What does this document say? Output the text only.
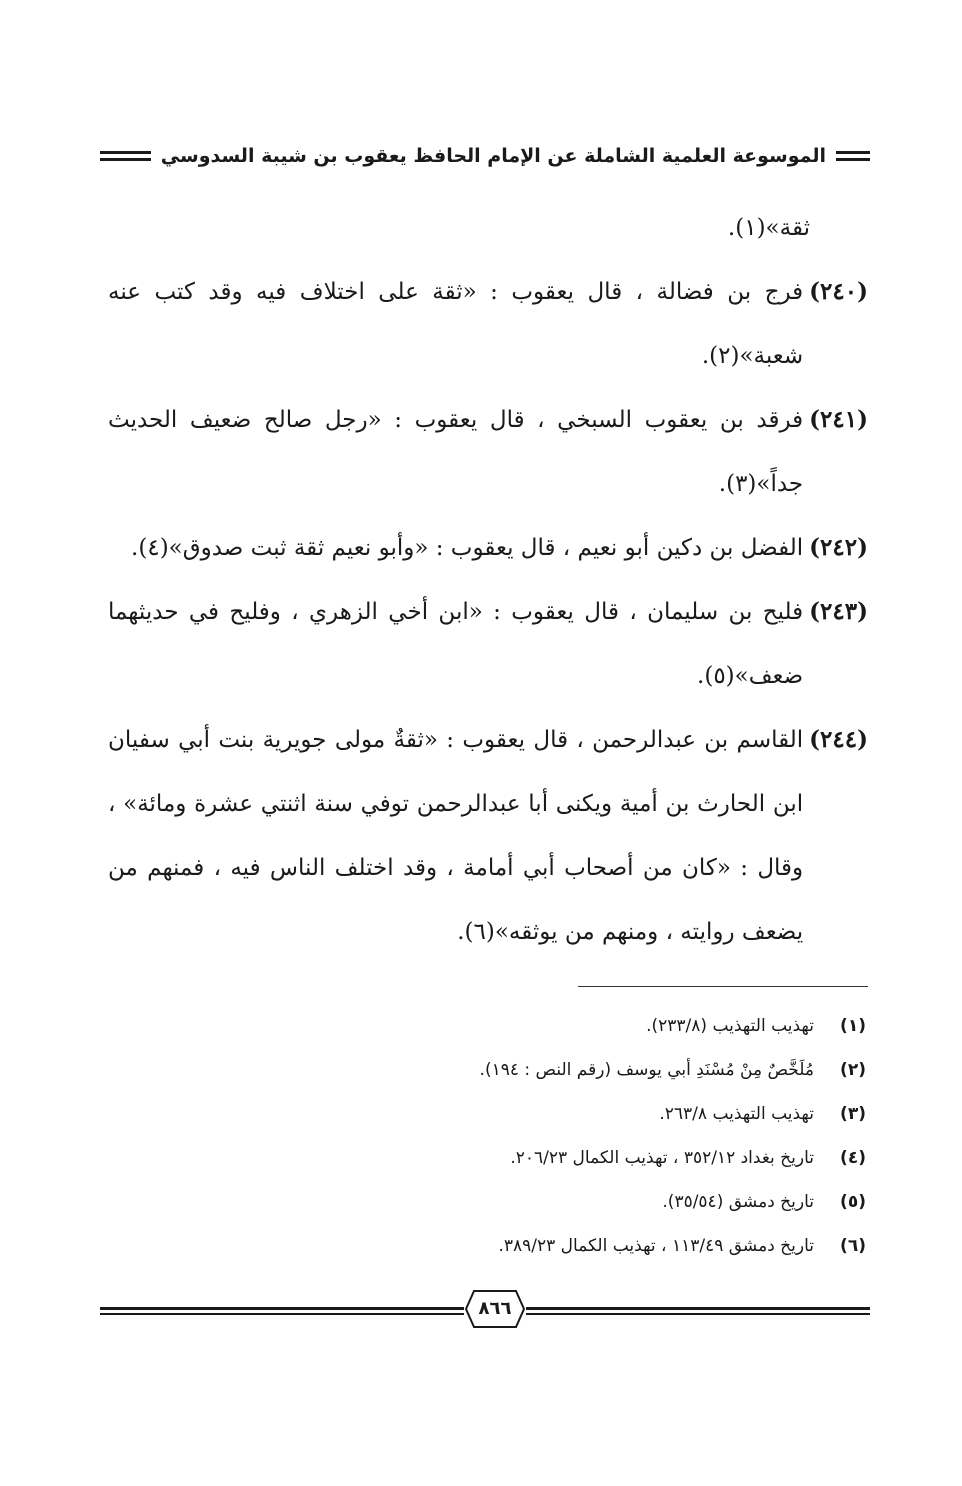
الموسوعة العلمية الشاملة عن الإمام الحافظ يعقوب بن شيبة السدوسي
ثقة»(١).
(٢٤٠)
فرج بن فضالة ، قال يعقوب : «ثقة على اختلاف فيه وقد كتب عنه شعبة»(٢).
(٢٤١)
فرقد بن يعقوب السبخي ، قال يعقوب : «رجل صالح ضعيف الحديث جداً»(٣).
(٢٤٢)
الفضل بن دكين أبو نعيم ، قال يعقوب : «وأبو نعيم ثقة ثبت صدوق»(٤).
(٢٤٣)
فليح بن سليمان ، قال يعقوب : «ابن أخي الزهري ، وفليح في حديثهما ضعف»(٥).
(٢٤٤)
القاسم بن عبدالرحمن ، قال يعقوب : «ثقةٌ مولى جويرية بنت أبي سفيان ابن الحارث بن أمية ويكنى أبا عبدالرحمن توفي سنة اثنتي عشرة ومائة» ، وقال : «كان من أصحاب أبي أمامة ، وقد اختلف الناس فيه ، فمنهم من يضعف روايته ، ومنهم من يوثقه»(٦).
(١)
تهذيب التهذيب (٢٣٣/٨).
(٢)
مُلَخَّصٌ مِنْ مُسْنَدِ أبي يوسف (رقم النص : ١٩٤).
(٣)
تهذيب التهذيب ٢٦٣/٨.
(٤)
تاريخ بغداد ٣٥٢/١٢ ، تهذيب الكمال ٢٠٦/٢٣.
(٥)
تاريخ دمشق (٣٥/٥٤).
(٦)
تاريخ دمشق ١١٣/٤٩ ، تهذيب الكمال ٣٨٩/٢٣.
٨٦٦
